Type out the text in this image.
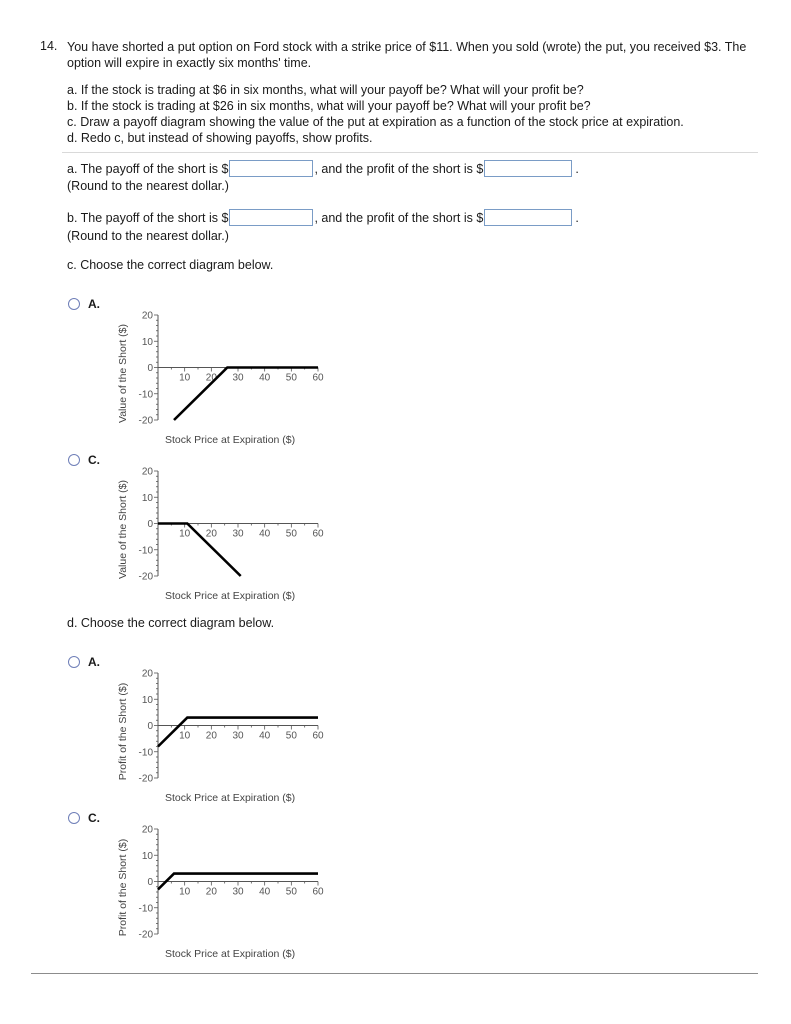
14. You have shorted a put option on Ford stock with a strike price of $11. When you sold (wrote) the put, you received $3. The option will expire in exactly six months' time.
a. If the stock is trading at $6 in six months, what will your payoff be? What will your profit be?
b. If the stock is trading at $26 in six months, what will your payoff be? What will your profit be?
c. Draw a payoff diagram showing the value of the put at expiration as a function of the stock price at expiration.
d. Redo c, but instead of showing payoffs, show profits.
a. The payoff of the short is $	, and the profit of the short is $	.
(Round to the nearest dollar.)
b. The payoff of the short is $	, and the profit of the short is $	.
(Round to the nearest dollar.)
c. Choose the correct diagram below.
A.
20
10
0
-10
-20
10 20 30 40 50 60
Value of the Short ($)
Stock Price at Expiration ($)
C.
20
10
0
-10
-20
10 20 30 40 50 60
Value of the Short ($)
Stock Price at Expiration ($)
d. Choose the correct diagram below.
A.
20
10
0
-10
-20
10 20 30 40 50 60
Profit of the Short ($)
Stock Price at Expiration ($)
C.
20
10
0
-10
-20
10 20 30 40 50 60
Profit of the Short ($)
Stock Price at Expiration ($)
